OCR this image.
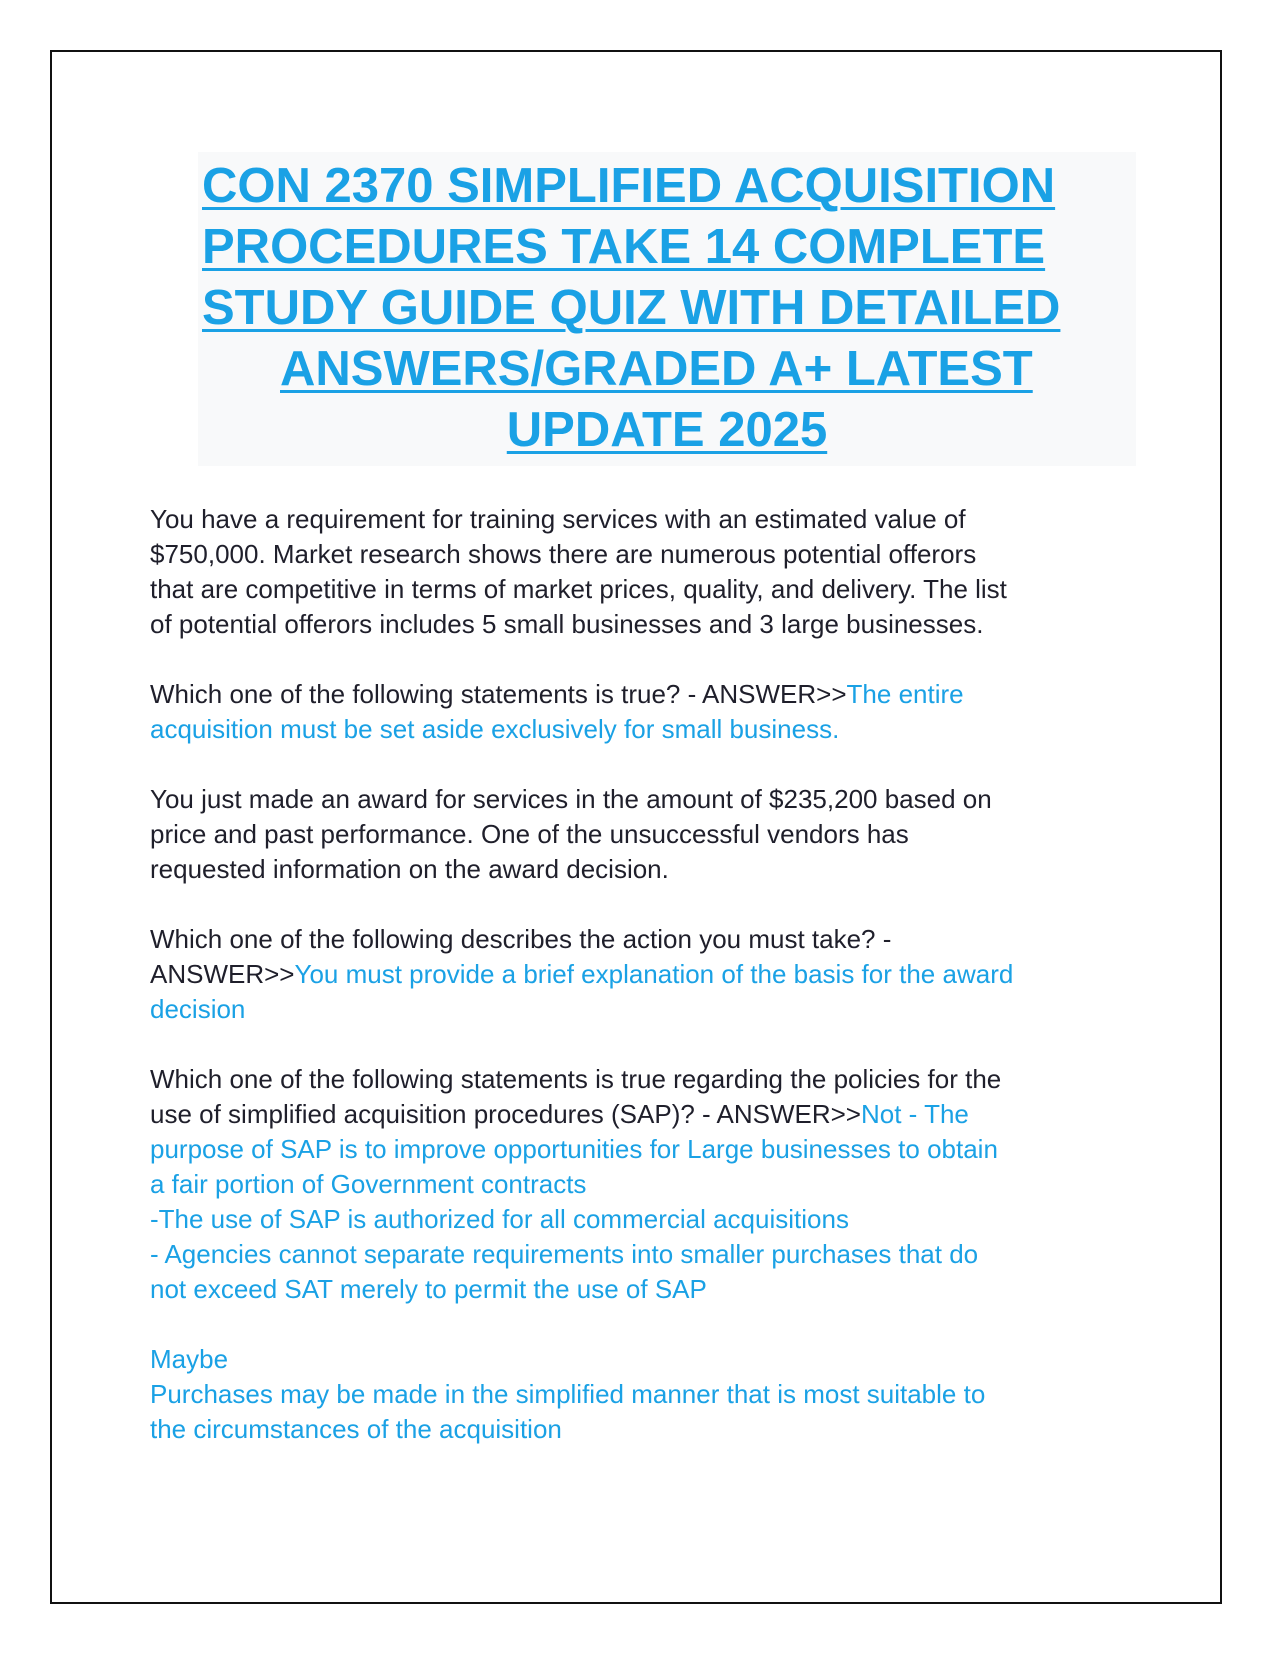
CON 2370 SIMPLIFIED ACQUISITION

PROCEDURES TAKE 14 COMPLETE

STUDY GUIDE QUIZ WITH DETAILED

ANSWERS/GRADED A+ LATEST

UPDATE 2025

You have a requirement for training services with an estimated value of
$750,000. Market research shows there are numerous potential offerors
that are competitive in terms of market prices, quality, and delivery. The list
of potential offerors includes 5 small businesses and 3 large businesses.
Which one of the following statements is true? - ANSWER>>The entire
acquisition must be set aside exclusively for small business.
You just made an award for services in the amount of $235,200 based on
price and past performance. One of the unsuccessful vendors has
requested information on the award decision.
Which one of the following describes the action you must take? -
ANSWER>>You must provide a brief explanation of the basis for the award
decision
Which one of the following statements is true regarding the policies for the
use of simplified acquisition procedures (SAP)? - ANSWER>>Not - The
purpose of SAP is to improve opportunities for Large businesses to obtain
a fair portion of Government contracts
-The use of SAP is authorized for all commercial acquisitions
- Agencies cannot separate requirements into smaller purchases that do
not exceed SAT merely to permit the use of SAP
Maybe
Purchases may be made in the simplified manner that is most suitable to
the circumstances of the acquisition
